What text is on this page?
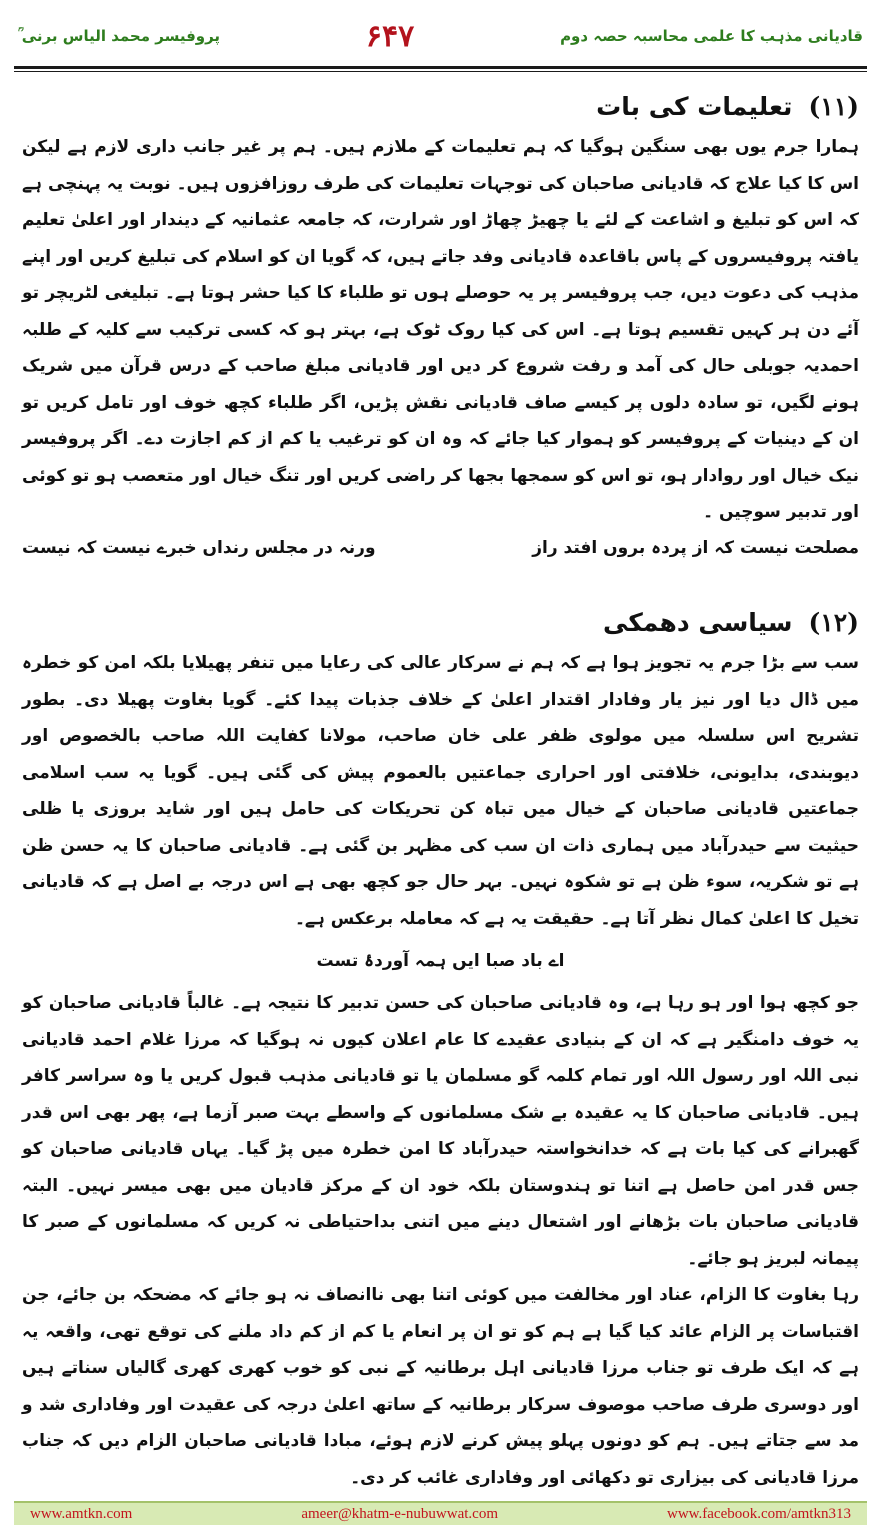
پروفیسر محمد الیاس برنی ؒ	۶۴۷	قادیانی مذہب کا علمی محاسبہ حصہ دوم
(۱۱)
تعلیمات کی بات

ہمارا جرم یوں بھی سنگین ہوگیا کہ ہم تعلیمات کے ملازم ہیں۔ ہم پر غیر جانب داری لازم ہے لیکن اس کا کیا علاج کہ قادیانی صاحبان کی توجہات تعلیمات کی طرف روزافزوں ہیں۔ نوبت یہ پہنچی ہے کہ اس کو تبلیغ و اشاعت کے لئے یا چھیڑ چھاڑ اور شرارت، کہ جامعہ عثمانیہ کے دیندار اور اعلیٰ تعلیم یافتہ پروفیسروں کے پاس باقاعدہ قادیانی وفد جاتے ہیں، کہ گویا ان کو اسلام کی تبلیغ کریں اور اپنے مذہب کی دعوت دیں، جب پروفیسر پر یہ حوصلے ہوں تو طلباء کا کیا حشر ہوتا ہے۔ تبلیغی لٹریچر تو آئے دن ہر کہیں تقسیم ہوتا ہے۔ اس کی کیا روک ٹوک ہے، بہتر ہو کہ کسی ترکیب سے کلیہ کے طلبہ احمدیہ جوبلی حال کی آمد و رفت شروع کر دیں اور قادیانی مبلغ صاحب کے درس قرآن میں شریک ہونے لگیں، تو سادہ دلوں پر کیسے صاف قادیانی نقش پڑیں، اگر طلباء کچھ خوف اور تامل کریں تو ان کے دینیات کے پروفیسر کو ہموار کیا جائے کہ وہ ان کو ترغیب یا کم از کم اجازت دے۔ اگر پروفیسر نیک خیال اور روادار ہو، تو اس کو سمجھا بجھا کر راضی کریں اور تنگ خیال اور متعصب ہو تو کوئی اور تدبیر سوچیں ۔

مصلحت نیست کہ از پردہ بروں افتد راز
ورنہ در مجلس رنداں خبرے نیست کہ نیست
(۱۲)
سیاسی دھمکی

سب سے بڑا جرم یہ تجویز ہوا ہے کہ ہم نے سرکار عالی کی رعایا میں تنفر پھیلایا بلکہ امن کو خطرہ میں ڈال دیا اور نیز یار وفادار اقتدار اعلیٰ کے خلاف جذبات پیدا کئے۔ گویا بغاوت پھیلا دی۔ بطور تشریح اس سلسلہ میں مولوی ظفر علی خان صاحب، مولانا کفایت اللہ صاحب بالخصوص اور دیوبندی، بدایونی، خلافتی اور احراری جماعتیں بالعموم پیش کی گئی ہیں۔ گویا یہ سب اسلامی جماعتیں قادیانی صاحبان کے خیال میں تباہ کن تحریکات کی حامل ہیں اور شاید بروزی یا ظلی حیثیت سے حیدرآباد میں ہماری ذات ان سب کی مظہر بن گئی ہے۔ قادیانی صاحبان کا یہ حسن ظن ہے تو شکریہ، سوء ظن ہے تو شکوہ نہیں۔ بہر حال جو کچھ بھی ہے اس درجہ بے اصل ہے کہ قادیانی تخیل کا اعلیٰ کمال نظر آتا ہے۔ حقیقت یہ ہے کہ معاملہ برعکس ہے۔

اے باد صبا ایں ہمہ آوردۂ تست

جو کچھ ہوا اور ہو رہا ہے، وہ قادیانی صاحبان کی حسن تدبیر کا نتیجہ ہے۔ غالباً قادیانی صاحبان کو یہ خوف دامنگیر ہے کہ ان کے بنیادی عقیدے کا عام اعلان کیوں نہ ہوگیا کہ مرزا غلام احمد قادیانی نبی اللہ اور رسول اللہ اور تمام کلمہ گو مسلمان یا تو قادیانی مذہب قبول کریں یا وہ سراسر کافر ہیں۔ قادیانی صاحبان کا یہ عقیدہ بے شک مسلمانوں کے واسطے بہت صبر آزما ہے، پھر بھی اس قدر گھبرانے کی کیا بات ہے کہ خدانخواستہ حیدرآباد کا امن خطرہ میں پڑ گیا۔ یہاں قادیانی صاحبان کو جس قدر امن حاصل ہے اتنا تو ہندوستان بلکہ خود ان کے مرکز قادیان میں بھی میسر نہیں۔ البتہ قادیانی صاحبان بات بڑھانے اور اشتعال دینے میں اتنی بداحتیاطی نہ کریں کہ مسلمانوں کے صبر کا پیمانہ لبریز ہو جائے۔

رہا بغاوت کا الزام، عناد اور مخالفت میں کوئی اتنا بھی ناانصاف نہ ہو جائے کہ مضحکہ بن جائے، جن اقتباسات پر الزام عائد کیا گیا ہے ہم کو تو ان پر انعام یا کم از کم داد ملنے کی توقع تھی، واقعہ یہ ہے کہ ایک طرف تو جناب مرزا قادیانی اہل برطانیہ کے نبی کو خوب کھری کھری گالیاں سناتے ہیں اور دوسری طرف صاحب موصوف سرکار برطانیہ کے ساتھ اعلیٰ درجہ کی عقیدت اور وفاداری شد و مد سے جتاتے ہیں۔ ہم کو دونوں پہلو پیش کرنے لازم ہوئے، مبادا قادیانی صاحبان الزام دیں کہ جناب مرزا قادیانی کی بیزاری تو دکھائی اور وفاداری غائب کر دی۔

www.amtkn.com	ameer@khatm-e-nubuwwat.com	www.facebook.com/amtkn313
